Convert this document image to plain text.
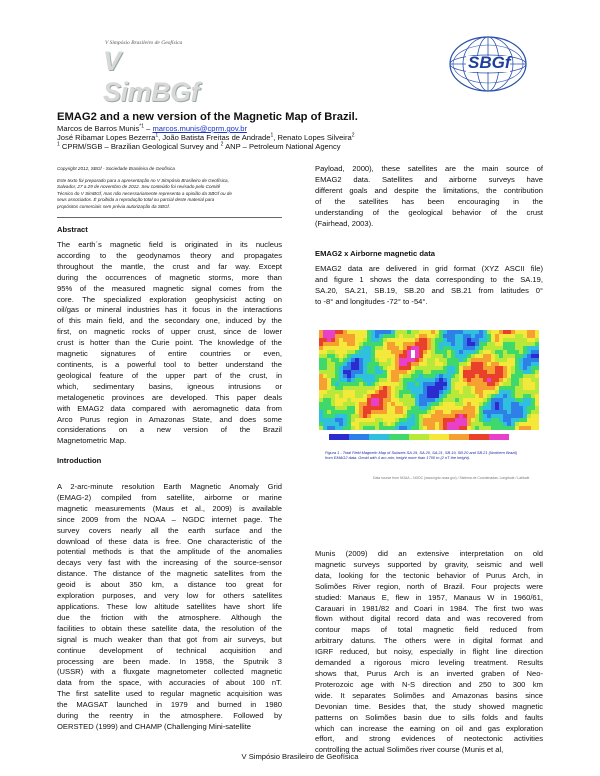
V Simpósio Brasileiro de Geofísica
V SimBGf
SBGf
EMAG2 and a new version of the Magnetic Map of Brazil.
Marcos de Barros Munis$^{*1}$ – marcos.munis@cprm.gov.br
José Ribamar Lopes Bezerra$^1$, João Batista Freitas de Andrade$^1$, Renato Lopes Silveira$^2$
$^1$ CPRM/SGB – Brazilian Geological Survey and $^2$ ANP – Petroleum National Agency
Copyright 2012, SBGf - Sociedade Brasileira de Geofísica
Este texto foi preparado para a apresentação no V Simpósio Brasileiro de Geofísica,
Salvador, 27 a 29 de novembro de 2012. Seu conteúdo foi revisado pelo Comitê
Técnico do V SimBGf, mas não necessariamente representa a opinião da SBGf ou de
seus associados. É proibida a reprodução total ou parcial deste material para
propósitos comerciais sem prévia autorização da SBGf.
Abstract
The earth´s magnetic field is originated in its nucleus
according to the geodynamos theory and propagates
throughout the mantle, the crust and far way. Except
during the occurrences of magnetic storms, more than
95% of the measured magnetic signal comes from the
core. The specialized exploration geophysicist acting on
oil/gas or mineral industries has it focus in the interactions
of this main field, and the secondary one, induced by the
first, on magnetic rocks of upper crust, since de lower
crust is hotter than the Curie point. The knowledge of the
magnetic signatures of entire countries or even,
continents, is a powerful tool to better understand the
geological feature of the upper part of the crust, in
which, sedimentary basins, igneous intrusions or
metalogenetic provinces are developed. This paper deals
with EMAG2 data compared with aeromagnetic data from
Arco Purus region in Amazonas State, and does some
considerations on a new version of the Brazil
Magnetometric Map.
Introduction
A 2-arc-minute resolution Earth Magnetic Anomaly Grid
(EMAG-2) compiled from satellite, airborne or marine
magnetic measurements (Maus et al., 2009) is available
since 2009 from the NOAA – NGDC internet page. The
survey covers nearly all the earth surface and the
download of these data is free. One characteristic of the
potential methods is that the amplitude of the anomalies
decays very fast with the increasing of the source-sensor
distance. The distance of the magnetic satellites from the
geoid is about 350 km, a distance too great for
exploration purposes, and very low for others satellites
applications. These low altitude satellites have short life
due the friction with the atmosphere. Although the
facilities to obtain these satellite data, the resolution of the
signal is much weaker than that got from air surveys, but
continue development of technical acquisition and
processing are been made. In 1958, the Sputnik 3
(USSR) with a fluxgate magnetometer collected magnetic
data from the space, with accuracies of about 100 nT.
The first satellite used to regular magnetic acquisition was
the MAGSAT launched in 1979 and burned in 1980
during the reentry in the atmosphere. Followed by
OERSTED (1999) and CHAMP (Challenging Mini-satellite
Payload, 2000), these satellites are the main source of
EMAG2 data. Satellites and airborne surveys have
different goals and despite the limitations, the contribution
of the satellites has been encouraging in the
understanding of the geological behavior of the crust
(Fairhead, 2003).
EMAG2 x Airborne magnetic data
EMAG2 data are delivered in grid format (XYZ ASCII file)
and figure 1 shows the data corresponding to the SA.19,
SA.20, SA.21, SB.19, SB.20 and SB.21 from latitudes 0°
to -8° and longitudes -72° to -54°.
Figura 1 - Total Field Magnetic Map of Subsets SA.19, SA.20, SA.21, SB.19, SB.20 and SB.21 (Northern Brazil) from EMAG2 data. Geoid with 4 arc-min, height more than 1700 to (2 nT the height).
Data source from NOAA – NGDC (www.ngdc.noaa.gov) / Sistema de Coordenadas: Longitude / Latitude
Munis (2009) did an extensive interpretation on old
magnetic surveys supported by gravity, seismic and well
data, looking for the tectonic behavior of Purus Arch, in
Solimões River region, north of Brazil. Four projects were
studied: Manaus E, flew in 1957, Manaus W in 1960/61,
Carauari in 1981/82 and Coari in 1984. The first two was
flown without digital record data and was recovered from
contour maps of total magnetic field reduced from
arbitrary datuns. The others were in digital format and
IGRF reduced, but noisy, especially in flight line direction
demanded a rigorous micro leveling treatment. Results
shows that, Purus Arch is an inverted graben of Neo-
Proterozoic age with N-S direction and 250 to 300 km
wide. It separates Solimões and Amazonas basins since
Devonian time. Besides that, the study showed magnetic
patterns on Solimões basin due to sills folds and faults
which can increase the earning on oil and gas exploration
effort, and strong evidences of neotectonic activities
controlling the actual Solimões river course (Munis et al,
V Simpósio Brasileiro de Geofísica
